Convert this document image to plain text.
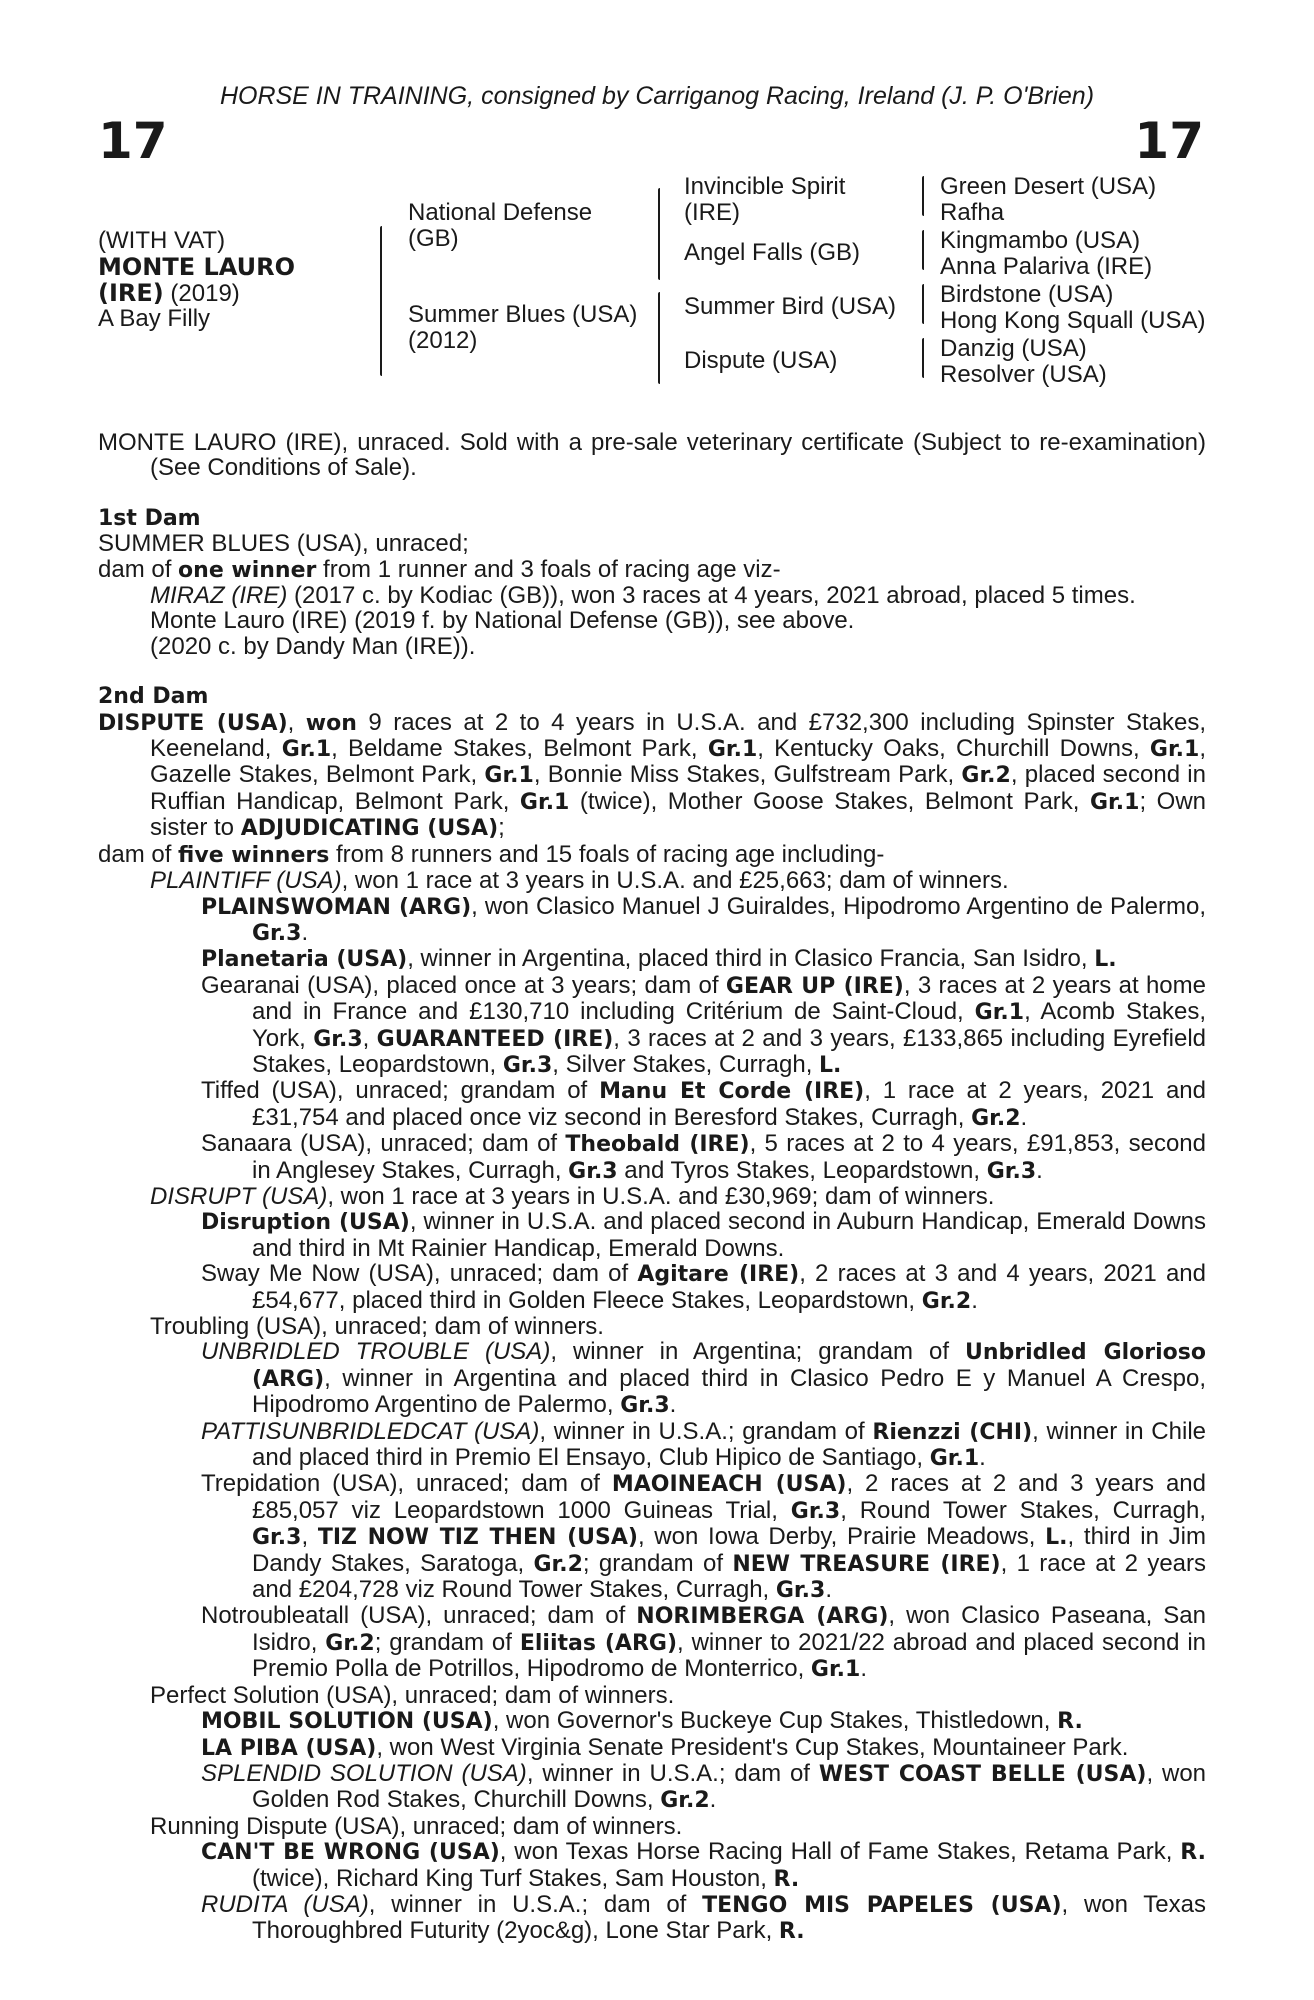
HORSE IN TRAINING, consigned by Carriganog Racing, Ireland (J. P. O'Brien)
17	17
(WITH VAT)
MONTE LAURO
(IRE) (2019)
A Bay Filly
National Defense
(GB)
Summer Blues (USA)
(2012)
Invincible Spirit
(IRE)
Angel Falls (GB)
Summer Bird (USA)
Dispute (USA)
Green Desert (USA)
Rafha
Kingmambo (USA)
Anna Palariva (IRE)
Birdstone (USA)
Hong Kong Squall (USA)
Danzig (USA)
Resolver (USA)

MONTE LAURO (IRE), unraced. Sold with a pre-sale veterinary certificate (Subject to re-examination) (See Conditions of Sale).

1st Dam

SUMMER BLUES (USA), unraced;

dam of one winner from 1 runner and 3 foals of racing age viz-

MIRAZ (IRE) (2017 c. by Kodiac (GB)), won 3 races at 4 years, 2021 abroad, placed 5 times.

Monte Lauro (IRE) (2019 f. by National Defense (GB)), see above.

(2020 c. by Dandy Man (IRE)).

2nd Dam

DISPUTE (USA), won 9 races at 2 to 4 years in U.S.A. and £732,300 including Spinster Stakes, Keeneland, Gr.1, Beldame Stakes, Belmont Park, Gr.1, Kentucky Oaks, Churchill Downs, Gr.1, Gazelle Stakes, Belmont Park, Gr.1, Bonnie Miss Stakes, Gulfstream Park, Gr.2, placed second in Ruffian Handicap, Belmont Park, Gr.1 (twice), Mother Goose Stakes, Belmont Park, Gr.1; Own sister to ADJUDICATING (USA);

dam of five winners from 8 runners and 15 foals of racing age including-

PLAINTIFF (USA), won 1 race at 3 years in U.S.A. and £25,663; dam of winners.

PLAINSWOMAN (ARG), won Clasico Manuel J Guiraldes, Hipodromo Argentino de Palermo, Gr.3.

Planetaria (USA), winner in Argentina, placed third in Clasico Francia, San Isidro, L.

Gearanai (USA), placed once at 3 years; dam of GEAR UP (IRE), 3 races at 2 years at home and in France and £130,710 including Critérium de Saint-Cloud, Gr.1, Acomb Stakes, York, Gr.3, GUARANTEED (IRE), 3 races at 2 and 3 years, £133,865 including Eyrefield Stakes, Leopardstown, Gr.3, Silver Stakes, Curragh, L.

Tiffed (USA), unraced; grandam of Manu Et Corde (IRE), 1 race at 2 years, 2021 and £31,754 and placed once viz second in Beresford Stakes, Curragh, Gr.2.

Sanaara (USA), unraced; dam of Theobald (IRE), 5 races at 2 to 4 years, £91,853, second in Anglesey Stakes, Curragh, Gr.3 and Tyros Stakes, Leopardstown, Gr.3.

DISRUPT (USA), won 1 race at 3 years in U.S.A. and £30,969; dam of winners.

Disruption (USA), winner in U.S.A. and placed second in Auburn Handicap, Emerald Downs and third in Mt Rainier Handicap, Emerald Downs.

Sway Me Now (USA), unraced; dam of Agitare (IRE), 2 races at 3 and 4 years, 2021 and £54,677, placed third in Golden Fleece Stakes, Leopardstown, Gr.2.

Troubling (USA), unraced; dam of winners.

UNBRIDLED TROUBLE (USA), winner in Argentina; grandam of Unbridled Glorioso (ARG), winner in Argentina and placed third in Clasico Pedro E y Manuel A Crespo, Hipodromo Argentino de Palermo, Gr.3.

PATTISUNBRIDLEDCAT (USA), winner in U.S.A.; grandam of Rienzzi (CHI), winner in Chile and placed third in Premio El Ensayo, Club Hipico de Santiago, Gr.1.

Trepidation (USA), unraced; dam of MAOINEACH (USA), 2 races at 2 and 3 years and £85,057 viz Leopardstown 1000 Guineas Trial, Gr.3, Round Tower Stakes, Curragh, Gr.3, TIZ NOW TIZ THEN (USA), won Iowa Derby, Prairie Meadows, L., third in Jim Dandy Stakes, Saratoga, Gr.2; grandam of NEW TREASURE (IRE), 1 race at 2 years and £204,728 viz Round Tower Stakes, Curragh, Gr.3.

Notroubleatall (USA), unraced; dam of NORIMBERGA (ARG), won Clasico Paseana, San Isidro, Gr.2; grandam of Eliitas (ARG), winner to 2021/22 abroad and placed second in Premio Polla de Potrillos, Hipodromo de Monterrico, Gr.1.

Perfect Solution (USA), unraced; dam of winners.

MOBIL SOLUTION (USA), won Governor's Buckeye Cup Stakes, Thistledown, R.

LA PIBA (USA), won West Virginia Senate President's Cup Stakes, Mountaineer Park.

SPLENDID SOLUTION (USA), winner in U.S.A.; dam of WEST COAST BELLE (USA), won Golden Rod Stakes, Churchill Downs, Gr.2.

Running Dispute (USA), unraced; dam of winners.

CAN'T BE WRONG (USA), won Texas Horse Racing Hall of Fame Stakes, Retama Park, R. (twice), Richard King Turf Stakes, Sam Houston, R.

RUDITA (USA), winner in U.S.A.; dam of TENGO MIS PAPELES (USA), won Texas Thoroughbred Futurity (2yoc&g), Lone Star Park, R.
